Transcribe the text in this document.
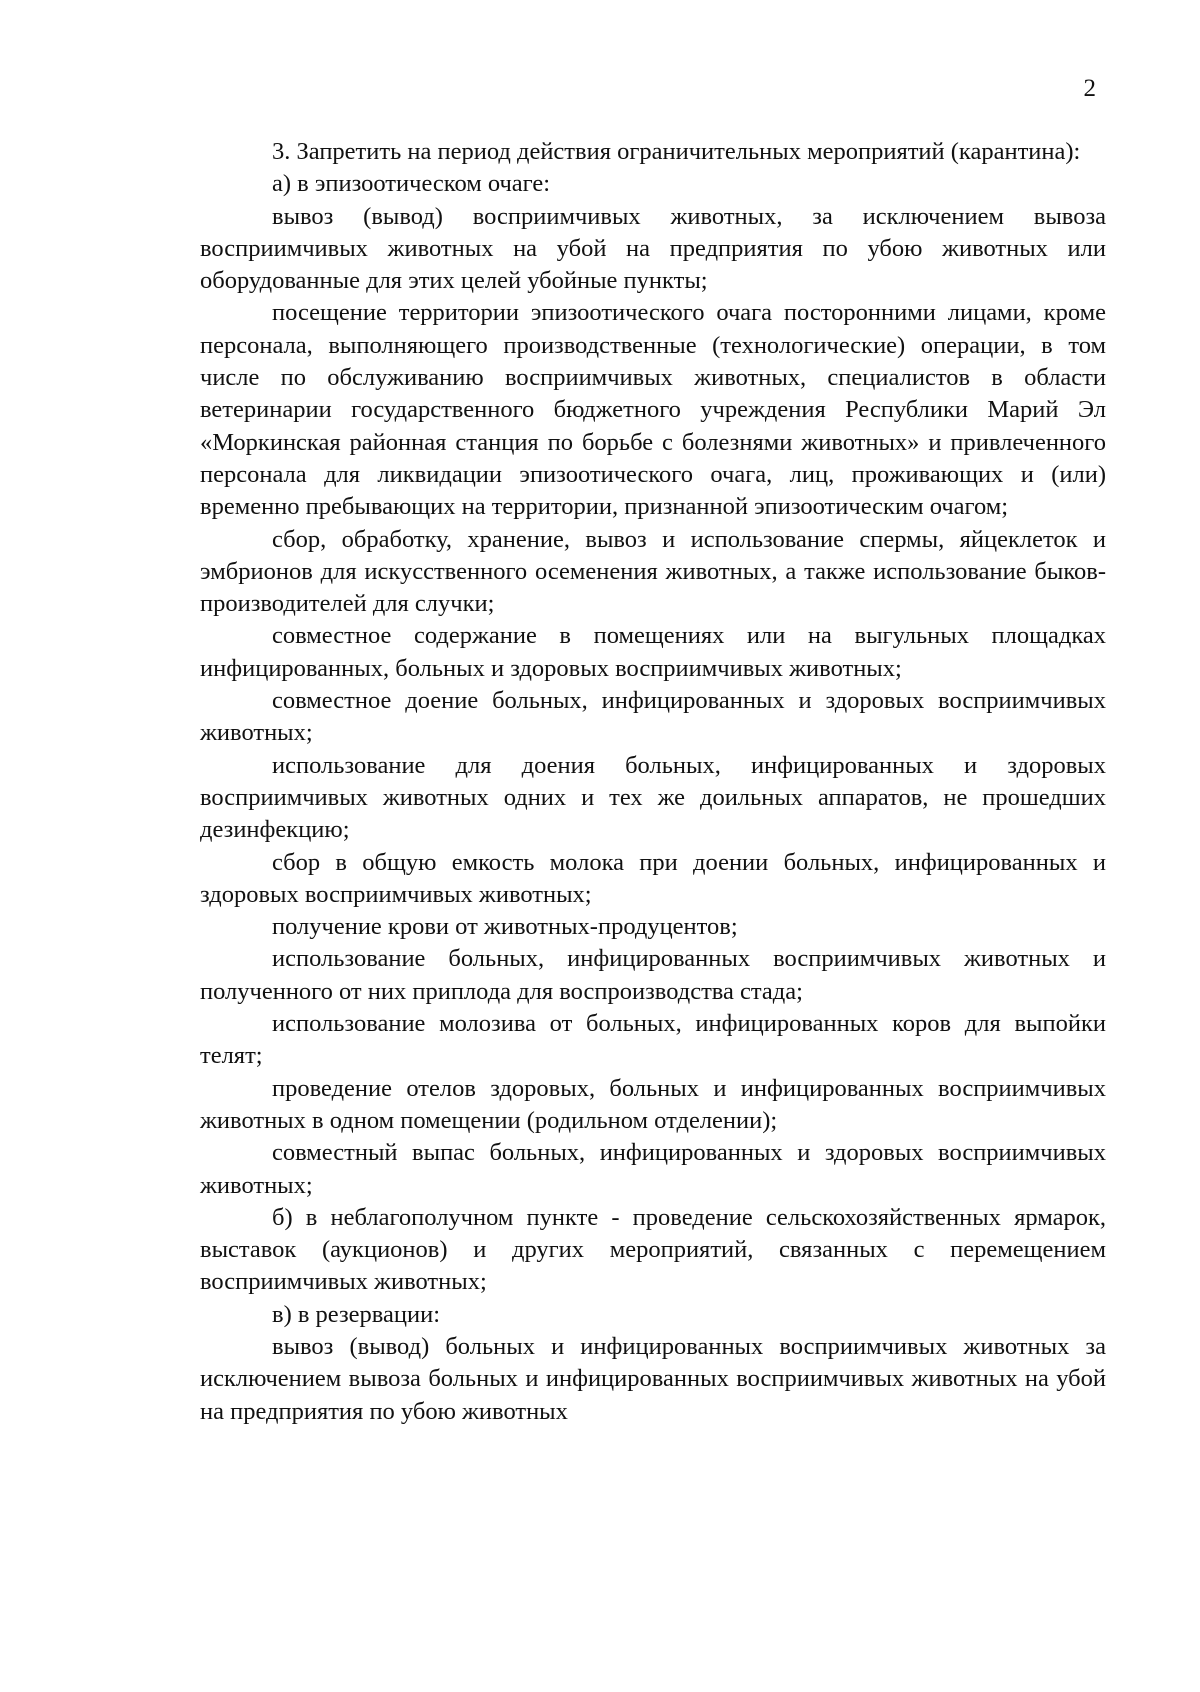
2

3. Запретить на период действия ограничительных мероприятий (карантина):

а) в эпизоотическом очаге:

вывоз (вывод) восприимчивых животных, за исключением вывоза восприимчивых животных на убой на предприятия по убою животных или оборудованные для этих целей убойные пункты;

посещение территории эпизоотического очага посторонними лицами, кроме персонала, выполняющего производственные (технологические) операции, в том числе по обслуживанию восприимчивых животных, специалистов в области ветеринарии государственного бюджетного учреждения Республики Марий Эл «Моркинская районная станция по борьбе с болезнями животных» и привлеченного персонала для ликвидации эпизоотического очага, лиц, проживающих и (или) временно пребывающих на территории, признанной эпизоотическим очагом;

сбор, обработку, хранение, вывоз и использование спермы, яйцеклеток и эмбрионов для искусственного осеменения животных, а также использование быков-производителей для случки;

совместное содержание в помещениях или на выгульных площадках инфицированных, больных и здоровых восприимчивых животных;

совместное доение больных, инфицированных и здоровых восприимчивых животных;

использование для доения больных, инфицированных и здоровых восприимчивых животных одних и тех же доильных аппаратов, не прошедших дезинфекцию;

сбор в общую емкость молока при доении больных, инфицированных и здоровых восприимчивых животных;

получение крови от животных-продуцентов;

использование больных, инфицированных восприимчивых животных и полученного от них приплода для воспроизводства стада;

использование молозива от больных, инфицированных коров для выпойки телят;

проведение отелов здоровых, больных и инфицированных восприимчивых животных в одном помещении (родильном отделении);

совместный выпас больных, инфицированных и здоровых восприимчивых животных;

б) в неблагополучном пункте - проведение сельскохозяйственных ярмарок, выставок (аукционов) и других мероприятий, связанных с перемещением восприимчивых животных;

в) в резервации:

вывоз (вывод) больных и инфицированных восприимчивых животных за исключением вывоза больных и инфицированных восприимчивых животных на убой на предприятия по убою животных
